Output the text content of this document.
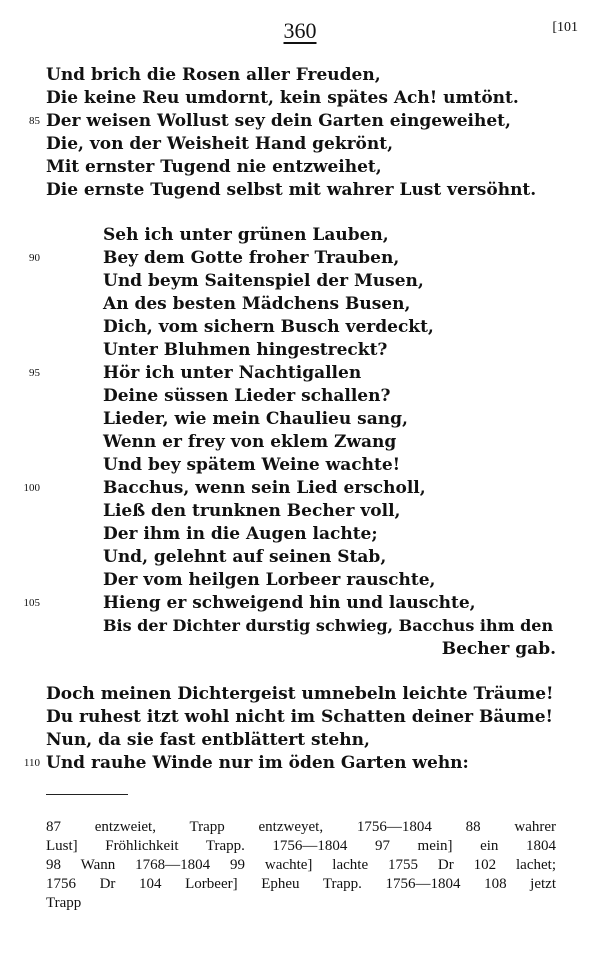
360	[101
Und brich die Rosen aller Freuden,
Die keine Reu umdornt, kein spätes Ach! umtönt.
85 Der weisen Wollust sey dein Garten eingeweihet,
Die, von der Weisheit Hand gekrönt,
Mit ernster Tugend nie entzweihet,
Die ernste Tugend selbst mit wahrer Lust versöhnt.
Seh ich unter grünen Lauben,
90	Bey dem Gotte froher Trauben,
Und beym Saitenspiel der Musen,
An des besten Mädchens Busen,
Dich, vom sichern Busch verdeckt,
Unter Bluhmen hingestreckt?
95	Hör ich unter Nachtigallen
Deine süssen Lieder schallen?
Lieder, wie mein Chaulieu sang,
Wenn er frey von eklem Zwang
Und bey spätem Weine wachte!
100	Bacchus, wenn sein Lied erscholl,
Ließ den trunknen Becher voll,
Der ihm in die Augen lachte;
Und, gelehnt auf seinen Stab,
Der vom heilgen Lorbeer rauschte,
105	Hieng er schweigend hin und lauschte,
Bis der Dichter durstig schwieg, Bacchus ihm den
Becher gab.
Doch meinen Dichtergeist umnebeln leichte Träume!
Du ruhest itzt wohl nicht im Schatten deiner Bäume!
Nun, da sie fast entblättert stehn,
110 Und rauhe Winde nur im öden Garten wehn:
87 entzweiet, Trapp entzweyet, 1756—1804 88 wahrer
Lust] Fröhlichkeit Trapp. 1756—1804 97 mein] ein 1804
98 Wann 1768—1804 99 wachte] lachte 1755 Dr 102 lachet;
1756 Dr 104 Lorbeer] Epheu Trapp. 1756—1804 108 jetzt
Trapp
